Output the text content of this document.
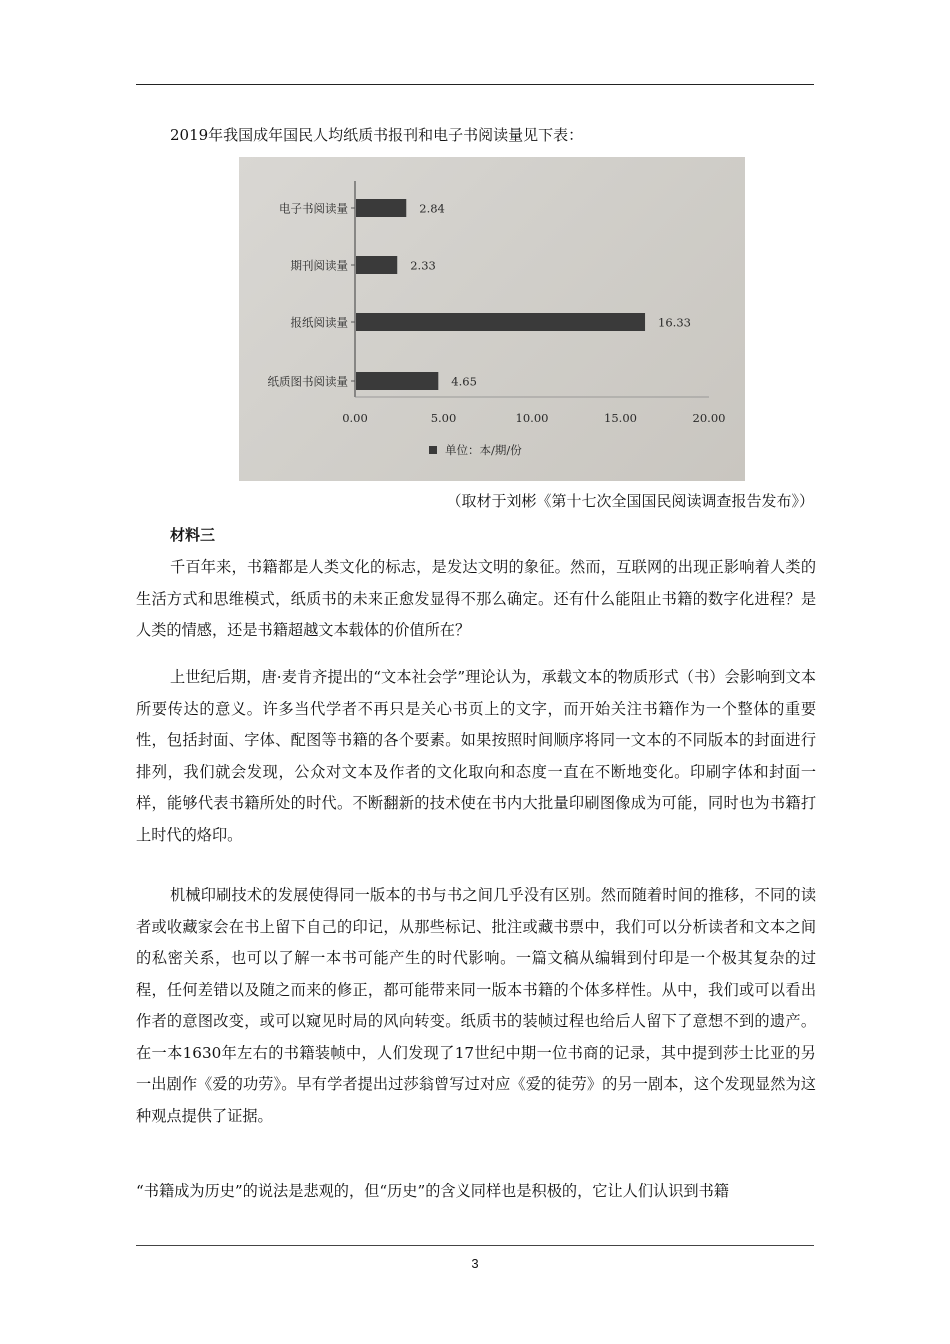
2019年我国成年国民人均纸质书报刊和电子书阅读量见下表：
电子书阅读量	2.84
期刊阅读量	2.33
报纸阅读量	16.33
纸质图书阅读量	4.65
0.00	5.00	10.00	15.00	20.00
单位：本/期/份
（取材于刘彬《第十七次全国国民阅读调查报告发布》）
材料三

千百年来，书籍都是人类文化的标志，是发达文明的象征。然而，互联网的出现正影响着人类的生活方式和思维模式，纸质书的未来正愈发显得不那么确定。还有什么能阻止书籍的数字化进程？是人类的情感，还是书籍超越文本载体的价值所在？

上世纪后期，唐·麦肯齐提出的“文本社会学”理论认为，承载文本的物质形式（书）会影响到文本所要传达的意义。许多当代学者不再只是关心书页上的文字，而开始关注书籍作为一个整体的重要性，包括封面、字体、配图等书籍的各个要素。如果按照时间顺序将同一文本的不同版本的封面进行排列，我们就会发现，公众对文本及作者的文化取向和态度一直在不断地变化。印刷字体和封面一样，能够代表书籍所处的时代。不断翻新的技术使在书内大批量印刷图像成为可能，同时也为书籍打上时代的烙印。

机械印刷技术的发展使得同一版本的书与书之间几乎没有区别。然而随着时间的推移，不同的读者或收藏家会在书上留下自己的印记，从那些标记、批注或藏书票中，我们可以分析读者和文本之间的私密关系，也可以了解一本书可能产生的时代影响。一篇文稿从编辑到付印是一个极其复杂的过程，任何差错以及随之而来的修正，都可能带来同一版本书籍的个体多样性。从中，我们或可以看出作者的意图改变，或可以窥见时局的风向转变。纸质书的装帧过程也给后人留下了意想不到的遗产。在一本1630年左右的书籍装帧中，人们发现了17世纪中期一位书商的记录，其中提到莎士比亚的另一出剧作《爱的功劳》。早有学者提出过莎翁曾写过对应《爱的徒劳》的另一剧本，这个发现显然为这种观点提供了证据。

“书籍成为历史”的说法是悲观的，但“历史”的含义同样也是积极的，它让人们认识到书籍

3
